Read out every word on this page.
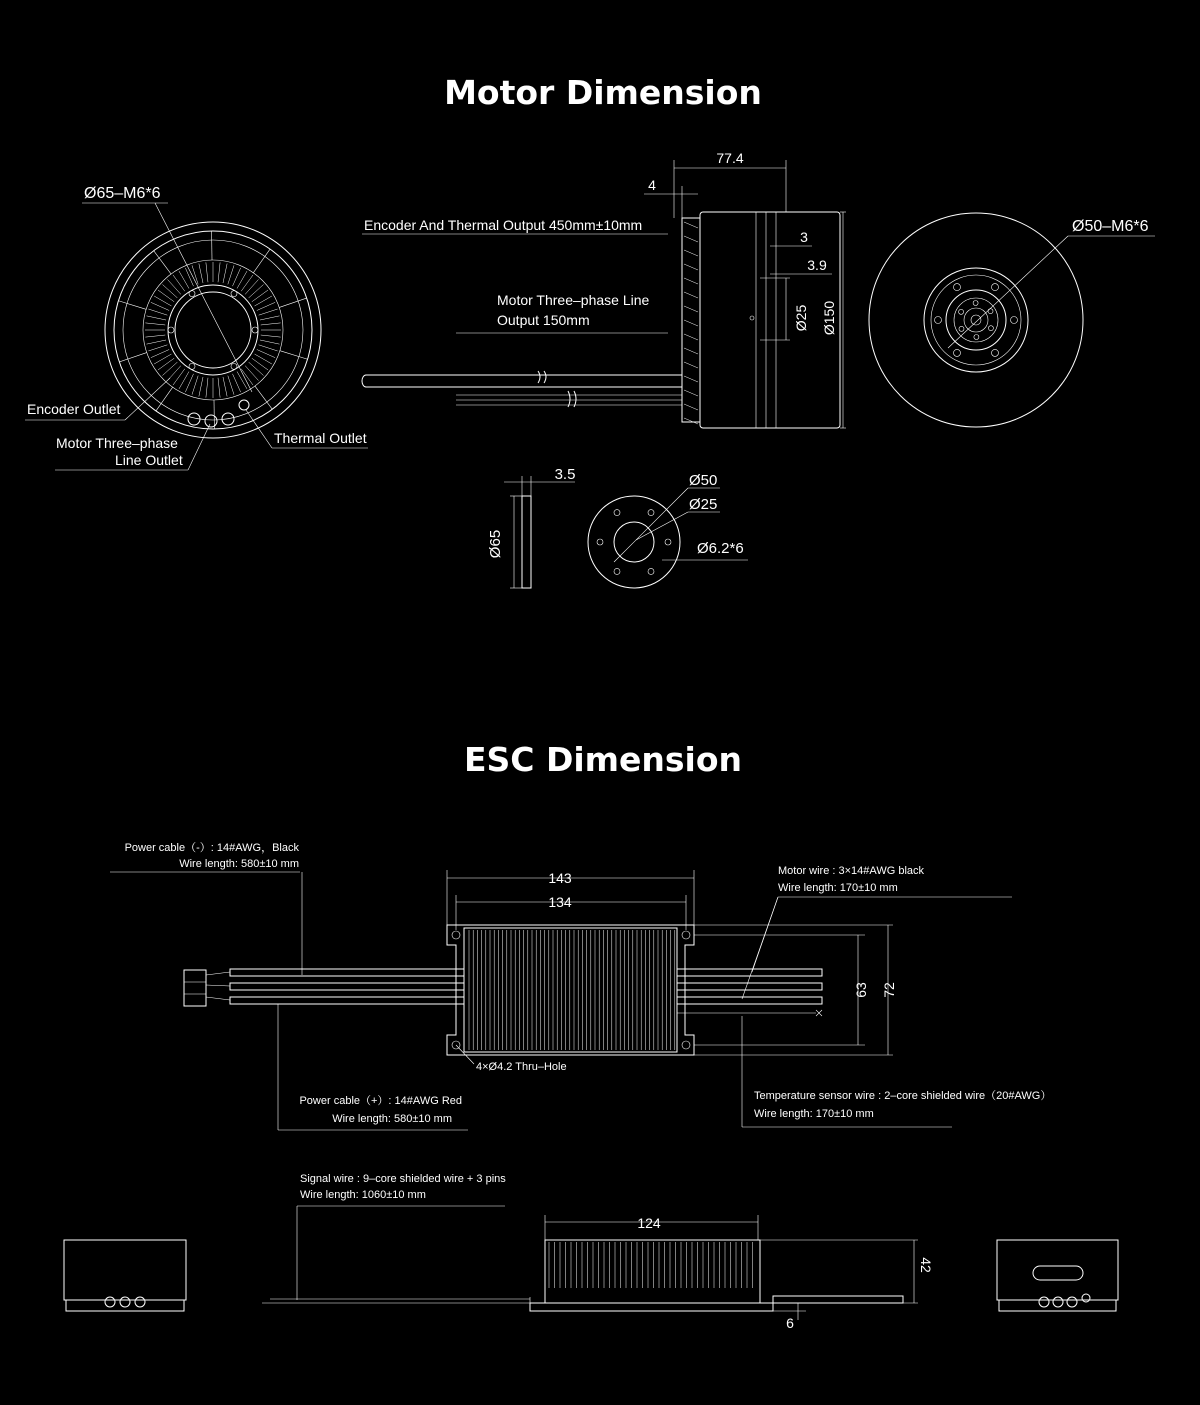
Motor Dimension
Ø65–M6*6
Encoder Outlet
Motor Three–phase
Line Outlet
Thermal Outlet
77.4
4
3
3.9
Ø25 Ø150
Encoder And Thermal Output 450mm±10mm
Motor Three–phase Line
Output 150mm
Ø50–M6*6
3.5
Ø65
Ø50
Ø25
Ø6.2*6
ESC Dimension
143
134
63 72
Power cable（-）: 14#AWG，Black
Wire length: 580±10 mm
Motor wire : 3×14#AWG black
Wire length: 170±10 mm
4×Ø4.2 Thru–Hole
Power cable（+）: 14#AWG Red
Wire length: 580±10 mm
Temperature sensor wire : 2–core shielded wire（20#AWG）
Wire length: 170±10 mm
Signal wire : 9–core shielded wire + 3 pins
Wire length: 1060±10 mm
124
42
6
